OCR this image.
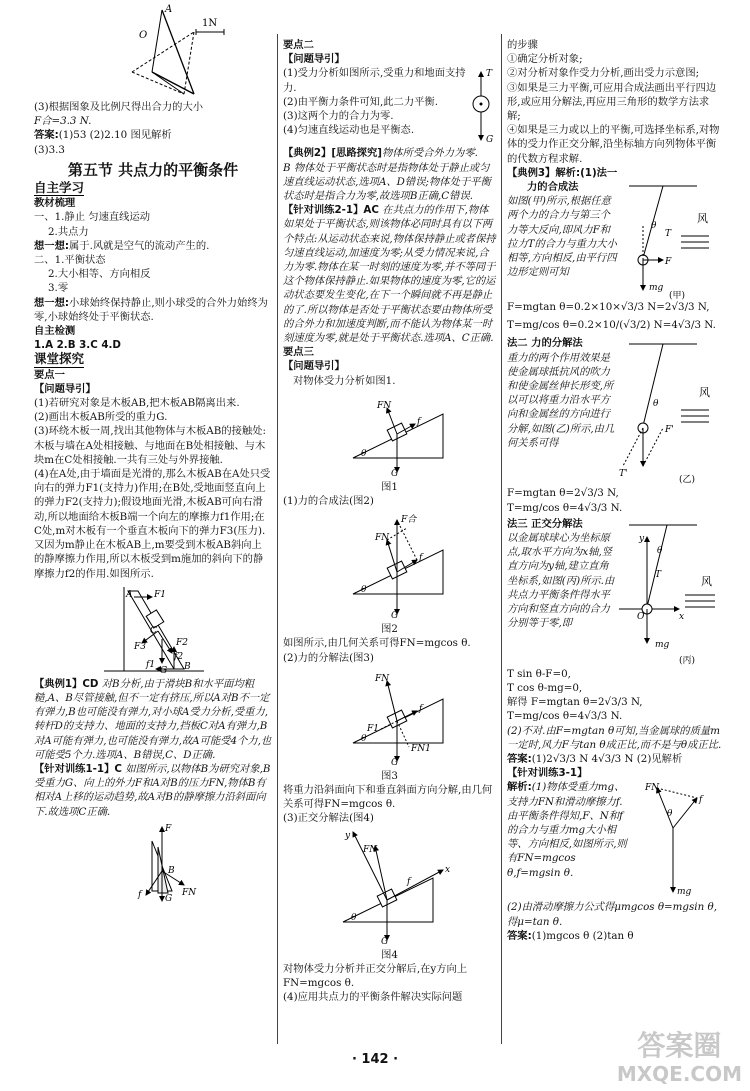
A
O
1N

(3)根据图象及比例尺得出合力的大小

F合=3.3 N.

答案:(1)53 (2)2.10 图见解析

(3)3.3

第五节 共点力的平衡条件
自主学习

教材梳理

一、1.静止 匀速直线运动

2.共点力

想一想:属于.风就是空气的流动产生的.

二、1.平衡状态

2.大小相等、方向相反

3.零

想一想:小球始终保持静止,则小球受的合外力始终为零,小球始终处于平衡状态.

自主检测

1.A 2.B 3.C 4.D

课堂探究

要点一

【问题导引】

(1)若研究对象是木板AB,把木板AB隔离出来.

(2)画出木板AB所受的重力G.

(3)环绕木板一周,找出其他物体与木板AB的接触处:木板与墙在A处相接触、与地面在B处相接触、与木块m在C处相接触.一共有三处与外界接触.

(4)在A处,由于墙面是光滑的,那么木板AB在A处只受向右的弹力F1(支持力)作用;在B处,受地面竖直向上的弹力F2(支持力);假设地面光滑,木板AB可向右滑动,所以地面给木板B端一个向左的摩擦力f1作用;在C处,m对木板有一个垂直木板向下的弹力F3(压力).又因为m静止在木板AB上,m要受到木板AB斜向上的静摩擦力作用,所以木板受到m施加的斜向下的静摩擦力f2的作用.如图所示.

A F1
F2
F3
C
f1
f2
B
G

【典例1】CD 对B分析,由于滑块B和水平面均粗糙,A、B尽管接触,但不一定有挤压,所以A对B不一定有弹力,B也可能没有弹力,对小球A受力分析,受重力,转杆D的支持力、地面的支持力,挡板C对A有弹力,B对A可能有弹力,也可能没有弹力,故A可能受4个力,也可能受5个力.选项A、B错误,C、D正确.

【针对训练1-1】C 如图所示,以物体B为研究对象,B受重力G、向上的外力F和A对B的压力FN,物体B有相对A上移的运动趋势,故A对B的静摩擦力沿斜面向下.故选项C正确.

F
B
f	FN
G

要点二

【问题导引】

(1)受力分析如图所示,受重力和地面支持力.

(2)由平衡力条件可知,此二力平衡.

(3)这两个力的合力为零.

(4)匀速直线运动也是平衡态.

T
G

【典例2】[思路探究]物体所受合外力为零.

B 物体处于平衡状态时是指物体处于静止或匀速直线运动状态,选项A、D错误;物体处于平衡状态时是指合力为零,故选项B正确,C错误.

【针对训练2-1】AC 在共点力的作用下,物体如果处于平衡状态,则该物体必同时具有以下两个特点:从运动状态来说,物体保持静止或者保持匀速直线运动,加速度为零;从受力情况来说,合力为零.物体在某一时刻的速度为零,并不等同于这个物体保持静止.如果物体的速度为零,它的运动状态要发生变化,在下一个瞬间就不再是静止的了.所以物体是否处于平衡状态要由物体所受的合外力和加速度判断,而不能认为物体某一时刻速度为零,就是处于平衡状态.选项A、C正确.

要点三

【问题导引】

对物体受力分析如图1.

FN
f
G
θ

图1

(1)力的合成法(图2)

FN
F合
f
G
θ

图2

如图所示,由几何关系可得FN=mgcos θ.

(2)力的分解法(图3)

FN
f
F1
FN1
G
θ

图3

将重力沿斜面向下和垂直斜面方向分解,由几何关系可得FN=mgcos θ.

(3)正交分解法(图4)

y
x
FN
f
G
θ

图4

对物体受力分析并正交分解后,在y方向上FN=mgcos θ.

(4)应用共点力的平衡条件解决实际问题

的步骤

①确定分析对象;

②对分析对象作受力分析,画出受力示意图;

③如果是三力平衡,可应用合成法画出平行四边形,或应用分解法,再应用三角形的数学方法求解;

④如果是三力或以上的平衡,可选择坐标系,对物体的受力作正交分解,沿坐标轴方向列物体平衡的代数方程求解.

【典例3】解析:(1)法一

力的合成法

如图(甲)所示,根据任意两个力的合力与第三个力等大反向,即风力F和拉力T的合力与重力大小相等,方向相反,由平行四边形定则可知

T
F
mg
θ
风
(甲)

F=mgtan θ=0.2×10×√3/3 N=2√3/3 N,

T=mg/cos θ=0.2×10/(√3/2) N=4√3/3 N.

法二 力的分解法

重力的两个作用效果是使金属球抵抗风的吹力和使金属丝伸长形变,所以可以将重力沿水平方向和金属丝的方向进行分解,如图(乙)所示,由几何关系可得

F'
T'
θ
风
(乙)

F=mgtan θ=2√3/3 N,

T=mg/cos θ=4√3/3 N.

法三 正交分解法

以金属球球心为坐标原点,取水平方向为x轴,竖直方向为y轴,建立直角坐标系,如图(丙)所示.由共点力平衡条件得水平方向和竖直方向的合力分别等于零,即

y
x
O
T
mg
θ
风
(丙)

T sin θ-F=0,

T cos θ-mg=0,

解得 F=mgtan θ=2√3/3 N,

T=mg/cos θ=4√3/3 N.

(2)不对.由F=mgtan θ可知,当金属球的质量m一定时,风力F与tan θ成正比,而不是与θ成正比.

答案:(1)2√3/3 N 4√3/3 N (2)见解析

【针对训练3-1】

解析:(1)物体受重力mg、支持力FN和滑动摩擦力f.由平衡条件得知,F、N和f的合力与重力mg大小相等、方向相反,如图所示,则有FN=mgcos θ,f=mgsin θ.

FN
f
θ
mg

(2)由滑动摩擦力公式得μmgcos θ=mgsin θ,得μ=tan θ.

答案:(1)mgcos θ (2)tan θ

· 142 ·	答案圈
MXQE.COM
